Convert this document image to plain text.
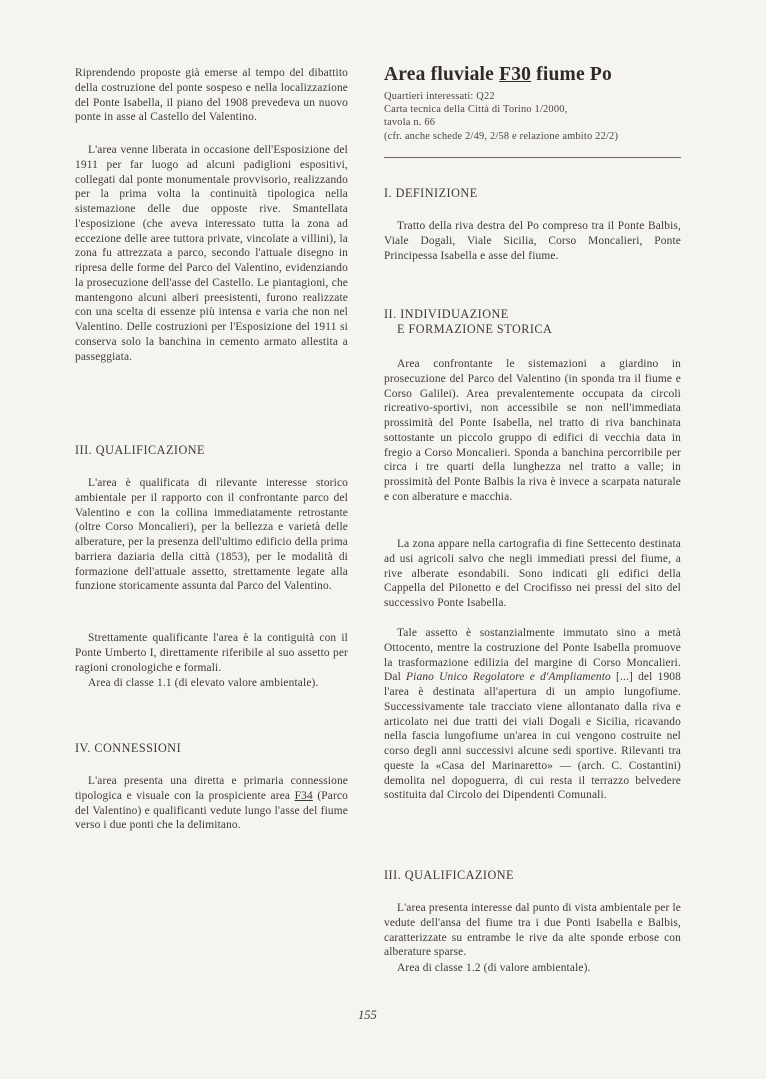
Riprendendo proposte già emerse al tempo del dibattito della costruzione del ponte sospeso e nella localizzazione del Ponte Isabella, il piano del 1908 prevedeva un nuovo ponte in asse al Castello del Valentino.

L'area venne liberata in occasione dell'Esposizione del 1911 per far luogo ad alcuni padiglioni espositivi, collegati dal ponte monumentale provvisorio, realizzando per la prima volta la continuità tipologica nella sistemazione delle due opposte rive. Smantellata l'esposizione (che aveva interessato tutta la zona ad eccezione delle aree tuttora private, vincolate a villini), la zona fu attrezzata a parco, secondo l'attuale disegno in ripresa delle forme del Parco del Valentino, evidenziando la prosecuzione dell'asse del Castello. Le piantagioni, che mantengono alcuni alberi preesistenti, furono realizzate con una scelta di essenze più intensa e varia che non nel Valentino. Delle costruzioni per l'Esposizione del 1911 si conserva solo la banchina in cemento armato allestita a passeggiata.

III. QUALIFICAZIONE

L'area è qualificata di rilevante interesse storico ambientale per il rapporto con il confrontante parco del Valentino e con la collina immediatamente retrostante (oltre Corso Moncalieri), per la bellezza e varietà delle alberature, per la presenza dell'ultimo edificio della prima barriera daziaria della città (1853), per le modalità di formazione dell'attuale assetto, strettamente legate alla funzione storicamente assunta dal Parco del Valentino.

Strettamente qualificante l'area è la contiguità con il Ponte Umberto I, direttamente riferibile al suo assetto per ragioni cronologiche e formali.

Area di classe 1.1 (di elevato valore ambientale).

IV. CONNESSIONI

L'area presenta una diretta e primaria connessione tipologica e visuale con la prospiciente area F34 (Parco del Valentino) e qualificanti vedute lungo l'asse del fiume verso i due ponti che la delimitano.

Area fluviale F30 fiume Po
Quartieri interessati: Q22
Carta tecnica della Città di Torino 1/2000,
tavola n. 66
(cfr. anche schede 2/49, 2/58 e relazione ambito 22/2)
I. DEFINIZIONE

Tratto della riva destra del Po compreso tra il Ponte Balbis, Viale Dogali, Viale Sicilia, Corso Moncalieri, Ponte Principessa Isabella e asse del fiume.

II. INDIVIDUAZIONE
E FORMAZIONE STORICA

Area confrontante le sistemazioni a giardino in prosecuzione del Parco del Valentino (in sponda tra il fiume e Corso Galilei). Area prevalentemente occupata da circoli ricreativo-sportivi, non accessibile se non nell'immediata prossimità del Ponte Isabella, nel tratto di riva banchinata sottostante un piccolo gruppo di edifici di vecchia data in fregio a Corso Moncalieri. Sponda a banchina percorribile per circa i tre quarti della lunghezza nel tratto a valle; in prossimità del Ponte Balbis la riva è invece a scarpata naturale e con alberature e macchia.

La zona appare nella cartografia di fine Settecento destinata ad usi agricoli salvo che negli immediati pressi del fiume, a rive alberate esondabili. Sono indicati gli edifici della Cappella del Pilonetto e del Crocifisso nei pressi del sito del successivo Ponte Isabella.

Tale assetto è sostanzialmente immutato sino a metà Ottocento, mentre la costruzione del Ponte Isabella promuove la trasformazione edilizia del margine di Corso Moncalieri. Dal Piano Unico Regolatore e d'Ampliamento [...] del 1908 l'area è destinata all'apertura di un ampio lungofiume. Successivamente tale tracciato viene allontanato dalla riva e articolato nei due tratti dei viali Dogali e Sicilia, ricavando nella fascia lungofiume un'area in cui vengono costruite nel corso degli anni successivi alcune sedi sportive. Rilevanti tra queste la «Casa del Marinaretto» — (arch. C. Costantini) demolita nel dopoguerra, di cui resta il terrazzo belvedere sostituita dal Circolo dei Dipendenti Comunali.

III. QUALIFICAZIONE

L'area presenta interesse dal punto di vista ambientale per le vedute dell'ansa del fiume tra i due Ponti Isabella e Balbis, caratterizzate su entrambe le rive da alte sponde erbose con alberature sparse.

Area di classe 1.2 (di valore ambientale).

155
